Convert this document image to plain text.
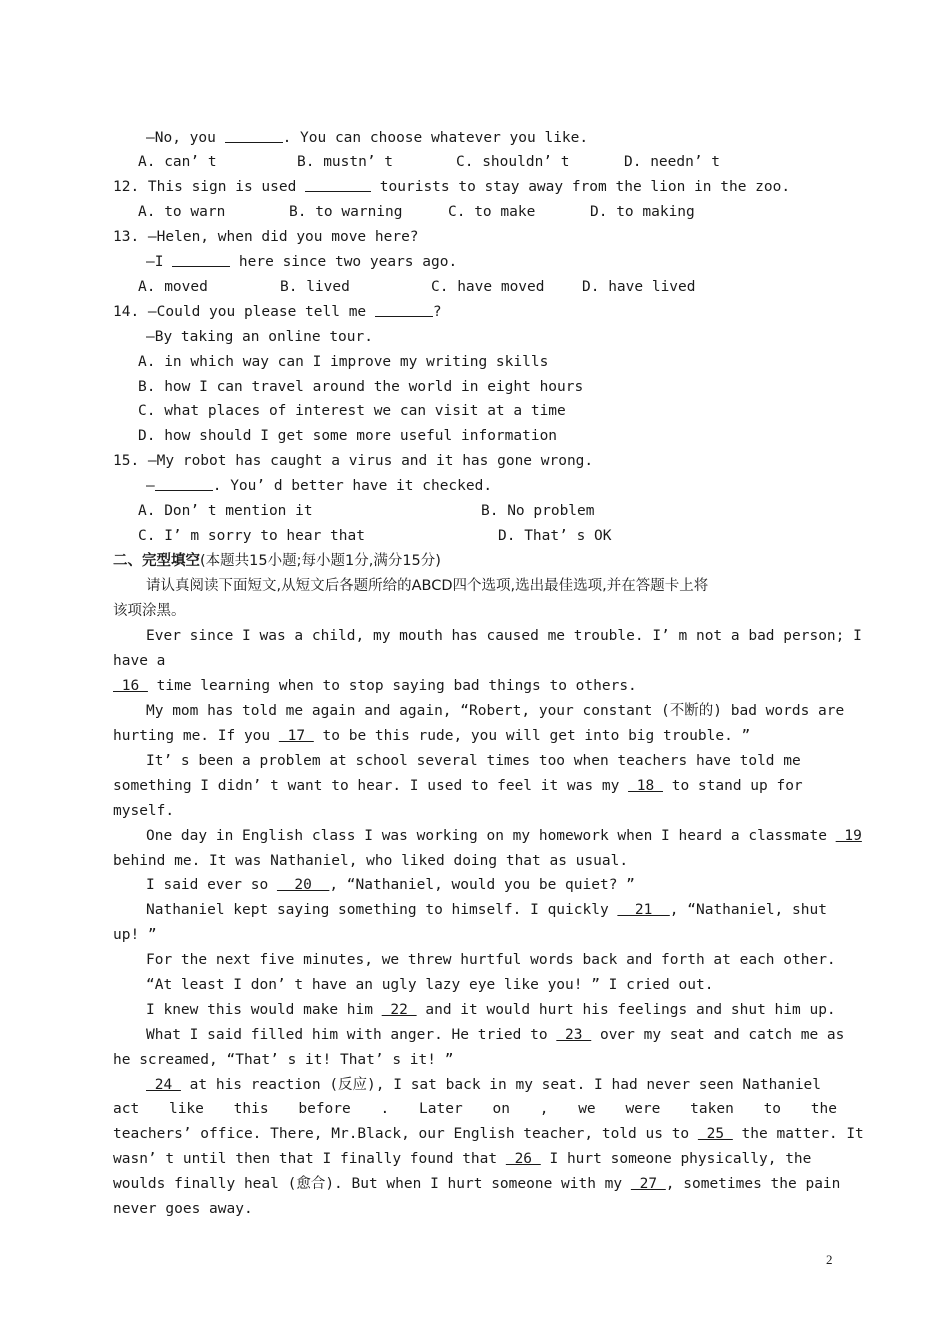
—No, you	. You can choose whatever you like.

A. can’ t

	B. mustn’ t

	C. shouldn’ t

	D. needn’ t

12. This sign is used	tourists to stay away from the lion in the zoo.

A. to warn

	B. to warning

	C. to make

	D. to making

13. —Helen, when did you move here?
—I	here since two years ago.

A. moved

	B. lived

	C. have moved

	D. have lived

14. —Could you please tell me	?
—By taking an online tour.
A. in which way can I improve my writing skills
B. how I can travel around the world in eight hours
C. what places of interest we can visit at a time
D. how should I get some more useful information
15. —My robot has caught a virus and it has gone wrong.
—	. You’ d better have it checked.

A. Don’ t mention it

	B. No problem

C. I’ m sorry to hear that

	D. That’ s OK

二、完型填空(本题共15小题;每小题1分,满分15分)
请认真阅读下面短文,从短文后各题所给的ABCD四个选项,选出最佳选项,并在答题卡上将
该项涂黑。
Ever since I was a child, my mouth has caused me trouble. I’ m not a bad person; I
have a
16  time learning when to stop saying bad things to others.
My mom has told me again and again, “Robert, your constant (不断的) bad words are
hurting me. If you  17  to be this rude, you will get into big trouble. ”
It’ s been a problem at school several times too when teachers have told me
something I didn’ t want to hear. I used to feel it was my  18  to stand up for
myself.
One day in English class I was working on my homework when I heard a classmate  19
behind me. It was Nathaniel, who liked doing that as usual.
I said ever so   20  , “Nathaniel, would you be quiet? ”
Nathaniel kept saying something to himself. I quickly   21  , “Nathaniel, shut
up! ”
For the next five minutes, we threw hurtful words back and forth at each other.
“At least I don’ t have an ugly lazy eye like you! ” I cried out.
I knew this would make him  22  and it would hurt his feelings and shut him up.
What I said filled him with anger. He tried to  23  over my seat and catch me as
he screamed, “That’ s it! That’ s it! ”
24  at his reaction (反应), I sat back in my seat. I had never seen Nathaniel
act like this before . Later on , we were taken to the
teachers’ office. There, Mr.Black, our English teacher, told us to  25  the matter. It
wasn’ t until then that I finally found that  26  I hurt someone physically, the
woulds finally heal (愈合). But when I hurt someone with my  27 , sometimes the pain
never goes away.
2
